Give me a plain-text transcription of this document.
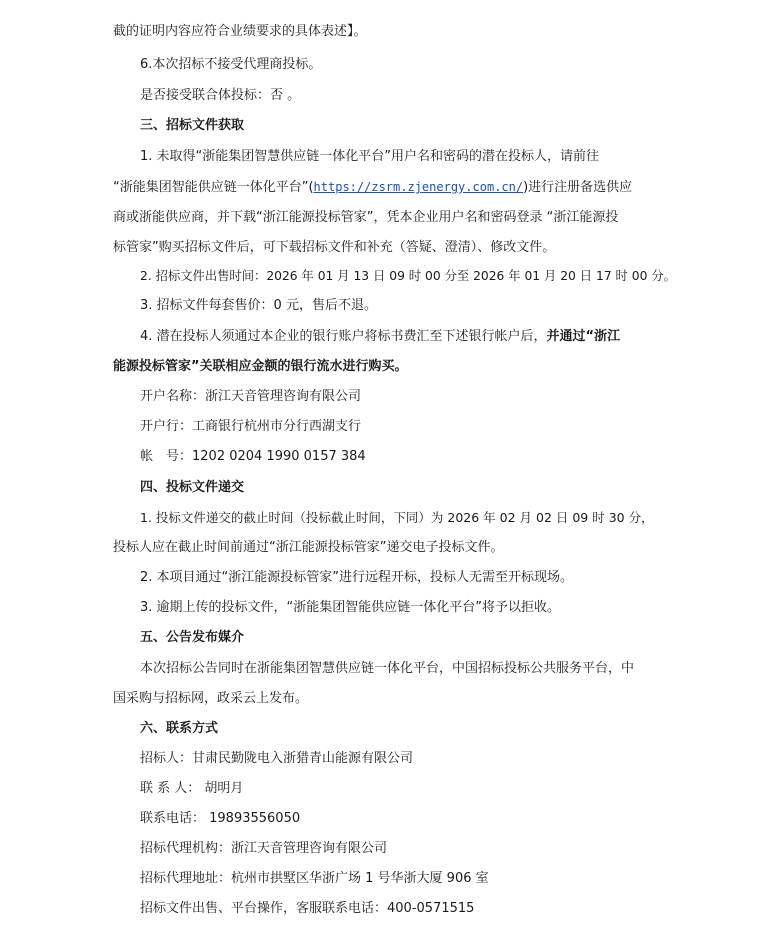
截的证明内容应符合业绩要求的具体表述】。
6.本次招标不接受代理商投标。
是否接受联合体投标：否 。
三、招标文件获取
1. 未取得“浙能集团智慧供应链一体化平台”用户名和密码的潜在投标人，请前往
“浙能集团智能供应链一体化平台”(https://zsrm.zjenergy.com.cn/)进行注册备选供应
商或浙能供应商，并下载“浙江能源投标管家”，凭本企业用户名和密码登录 “浙江能源投
标管家”购买招标文件后，可下载招标文件和补充（答疑、澄清）、修改文件。
2. 招标文件出售时间：2026 年 01 月 13 日 09 时 00 分至 2026 年 01 月 20 日 17 时 00 分。
3. 招标文件每套售价：0 元，售后不退。
4. 潜在投标人须通过本企业的银行账户将标书费汇至下述银行帐户后，并通过“浙江
能源投标管家”关联相应金额的银行流水进行购买。
开户名称：浙江天音管理咨询有限公司
开户行：工商银行杭州市分行西湖支行
帐　号：1202 0204 1990 0157 384
四、投标文件递交
1. 投标文件递交的截止时间（投标截止时间，下同）为 2026 年 02 月 02 日 09 时 30 分，
投标人应在截止时间前通过“浙江能源投标管家”递交电子投标文件。
2. 本项目通过“浙江能源投标管家”进行远程开标，投标人无需至开标现场。
3. 逾期上传的投标文件，“浙能集团智能供应链一体化平台”将予以拒收。
五、公告发布媒介
本次招标公告同时在浙能集团智慧供应链一体化平台，中国招标投标公共服务平台，中
国采购与招标网，政采云上发布。
六、联系方式
招标人：甘肃民勤陇电入浙猎青山能源有限公司
联 系 人： 胡明月
联系电话： 19893556050
招标代理机构：浙江天音管理咨询有限公司
招标代理地址：杭州市拱墅区华浙广场 1 号华浙大厦 906 室
招标文件出售、平台操作，客服联系电话：400-0571515
